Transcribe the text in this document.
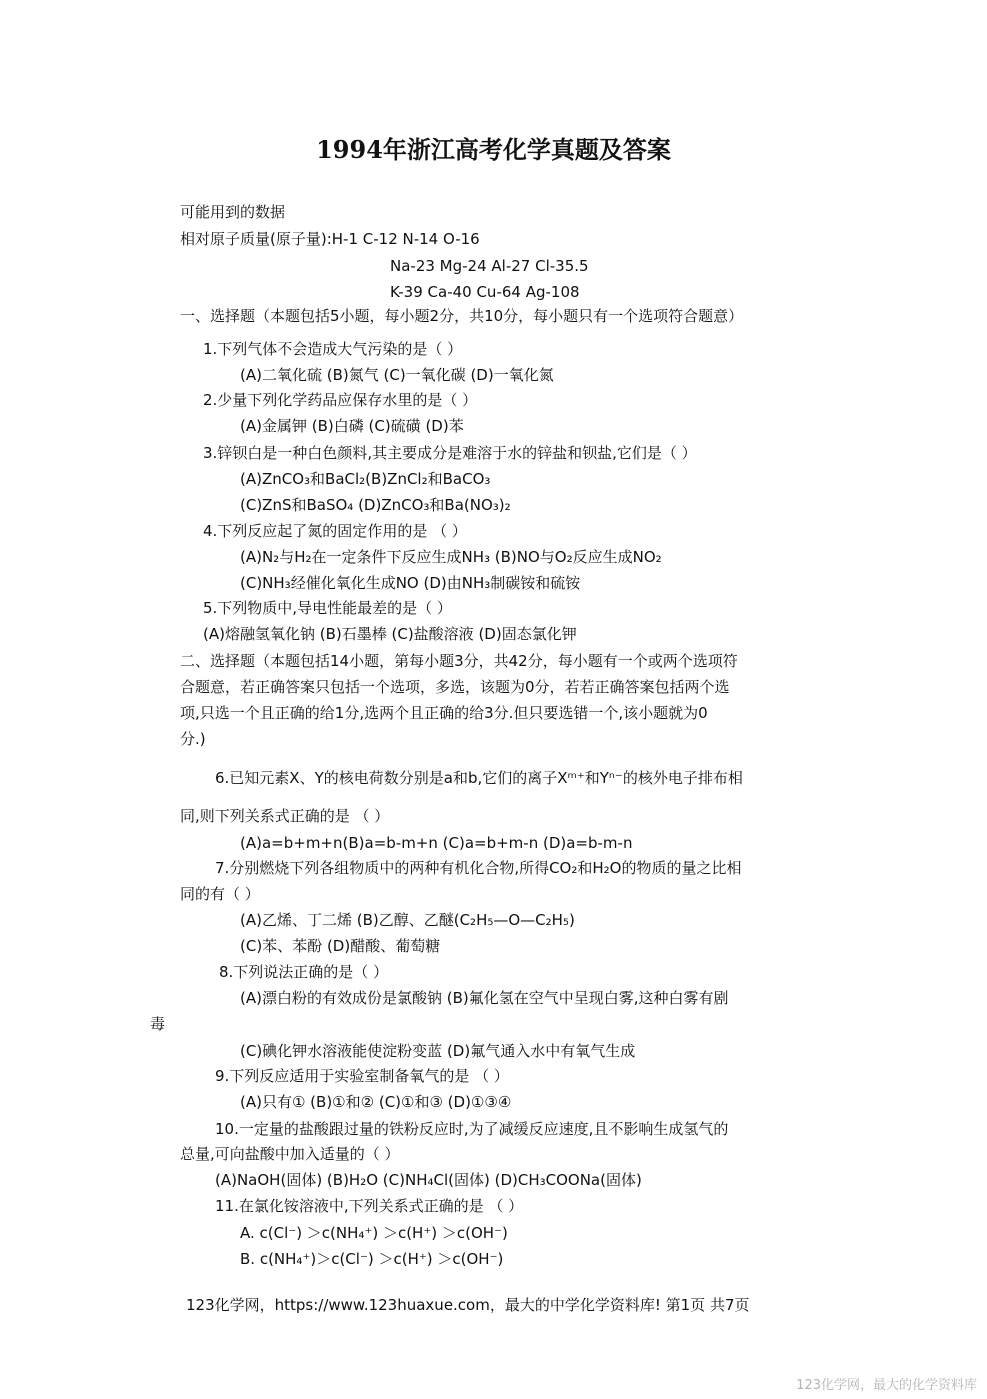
1994年浙江高考化学真题及答案
可能用到的数据
相对原子质量(原子量):H-1 C-12 N-14 O-16
Na-23 Mg-24 Al-27 Cl-35.5
K-39 Ca-40 Cu-64 Ag-108
一、选择题（本题包括5小题，每小题2分，共10分，每小题只有一个选项符合题意）
1.下列气体不会造成大气污染的是（ ）
(A)二氧化硫 (B)氮气 (C)一氧化碳 (D)一氧化氮
2.少量下列化学药品应保存水里的是（ ）
(A)金属钾 (B)白磷 (C)硫磺 (D)苯
3.锌钡白是一种白色颜料,其主要成分是难溶于水的锌盐和钡盐,它们是（ ）
(A)ZnCO₃和BaCl₂(B)ZnCl₂和BaCO₃
(C)ZnS和BaSO₄ (D)ZnCO₃和Ba(NO₃)₂
4.下列反应起了氮的固定作用的是 （ ）
(A)N₂与H₂在一定条件下反应生成NH₃ (B)NO与O₂反应生成NO₂
(C)NH₃经催化氧化生成NO (D)由NH₃制碳铵和硫铵
5.下列物质中,导电性能最差的是（ ）
(A)熔融氢氧化钠 (B)石墨棒 (C)盐酸溶液 (D)固态氯化钾
二、选择题（本题包括14小题，第每小题3分，共42分，每小题有一个或两个选项符
合题意，若正确答案只包括一个选项，多选，该题为0分，若若正确答案包括两个选
项,只选一个且正确的给1分,选两个且正确的给3分.但只要选错一个,该小题就为0
分.)
6.已知元素X、Y的核电荷数分别是a和b,它们的离子Xᵐ⁺和Yⁿ⁻的核外电子排布相
同,则下列关系式正确的是 （ ）
(A)a=b+m+n(B)a=b-m+n (C)a=b+m-n (D)a=b-m-n
7.分别燃烧下列各组物质中的两种有机化合物,所得CO₂和H₂O的物质的量之比相
同的有（ ）
(A)乙烯、丁二烯 (B)乙醇、乙醚(C₂H₅—O—C₂H₅)
(C)苯、苯酚 (D)醋酸、葡萄糖
8.下列说法正确的是（ ）
(A)漂白粉的有效成份是氯酸钠 (B)氟化氢在空气中呈现白雾,这种白雾有剧
毒
(C)碘化钾水溶液能使淀粉变蓝 (D)氟气通入水中有氧气生成
9.下列反应适用于实验室制备氧气的是 （ ）
(A)只有① (B)①和② (C)①和③ (D)①③④
10.一定量的盐酸跟过量的铁粉反应时,为了减缓反应速度,且不影响生成氢气的
总量,可向盐酸中加入适量的（ ）
(A)NaOH(固体) (B)H₂O (C)NH₄Cl(固体) (D)CH₃COONa(固体)
11.在氯化铵溶液中,下列关系式正确的是 （ ）
A. c(Cl⁻) ＞c(NH₄⁺) ＞c(H⁺) ＞c(OH⁻)
B. c(NH₄⁺)＞c(Cl⁻) ＞c(H⁺) ＞c(OH⁻)
123化学网，https://www.123huaxue.com，最大的中学化学资料库! 第1页 共7页
123化学网，最大的化学资料库
